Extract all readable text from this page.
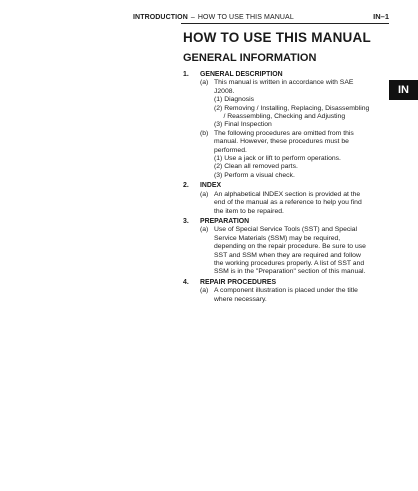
INTRODUCTION – HOW TO USE THIS MANUAL	IN–1
HOW TO USE THIS MANUAL
GENERAL INFORMATION
IN
1.	GENERAL DESCRIPTION
(a) This manual is written in accordance with SAE
J2008.
(1) Diagnosis
(2) Removing / Installing, Replacing, Disassembling
/ Reassembling, Checking and Adjusting
(3) Final Inspection
(b) The following procedures are omitted from this
manual. However, these procedures must be
performed.
(1) Use a jack or lift to perform operations.
(2) Clean all removed parts.
(3) Perform a visual check.
2.	INDEX
(a) An alphabetical INDEX section is provided at the
end of the manual as a reference to help you find
the item to be repaired.
3.	PREPARATION
(a) Use of Special Service Tools (SST) and Special
Service Materials (SSM) may be required,
depending on the repair procedure. Be sure to use
SST and SSM when they are required and follow
the working procedures properly. A list of SST and
SSM is in the "Preparation" section of this manual.
4.	REPAIR PROCEDURES
(a) A component illustration is placed under the title
where necessary.
